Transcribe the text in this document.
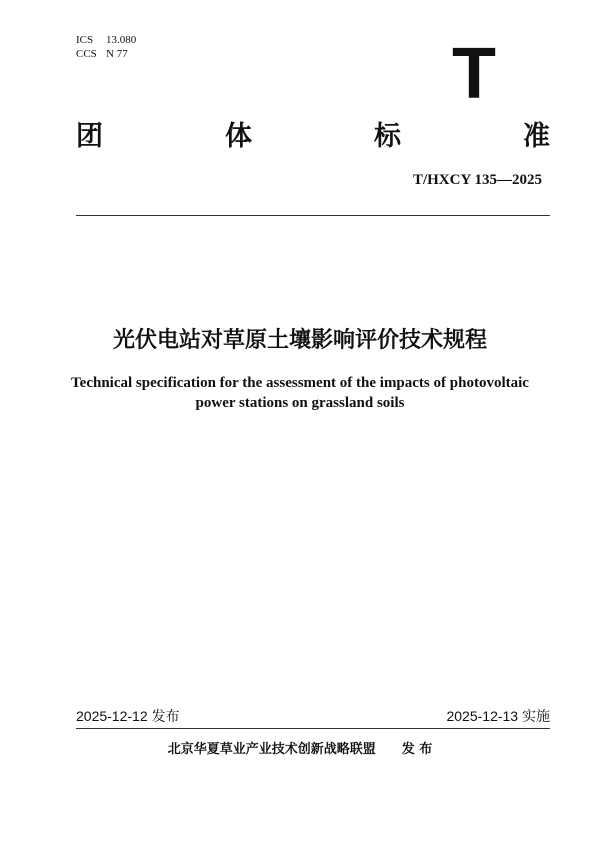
ICS 13.080
CCS N 77	T
团	体	标	准
T/HXCY 135—2025
光伏电站对草原土壤影响评价技术规程
Technical specification for the assessment of the impacts of photovoltaic
power stations on grassland soils
2025-12-12 发布	2025-12-13 实施
北京华夏草业产业技术创新战略联盟　　发 布
